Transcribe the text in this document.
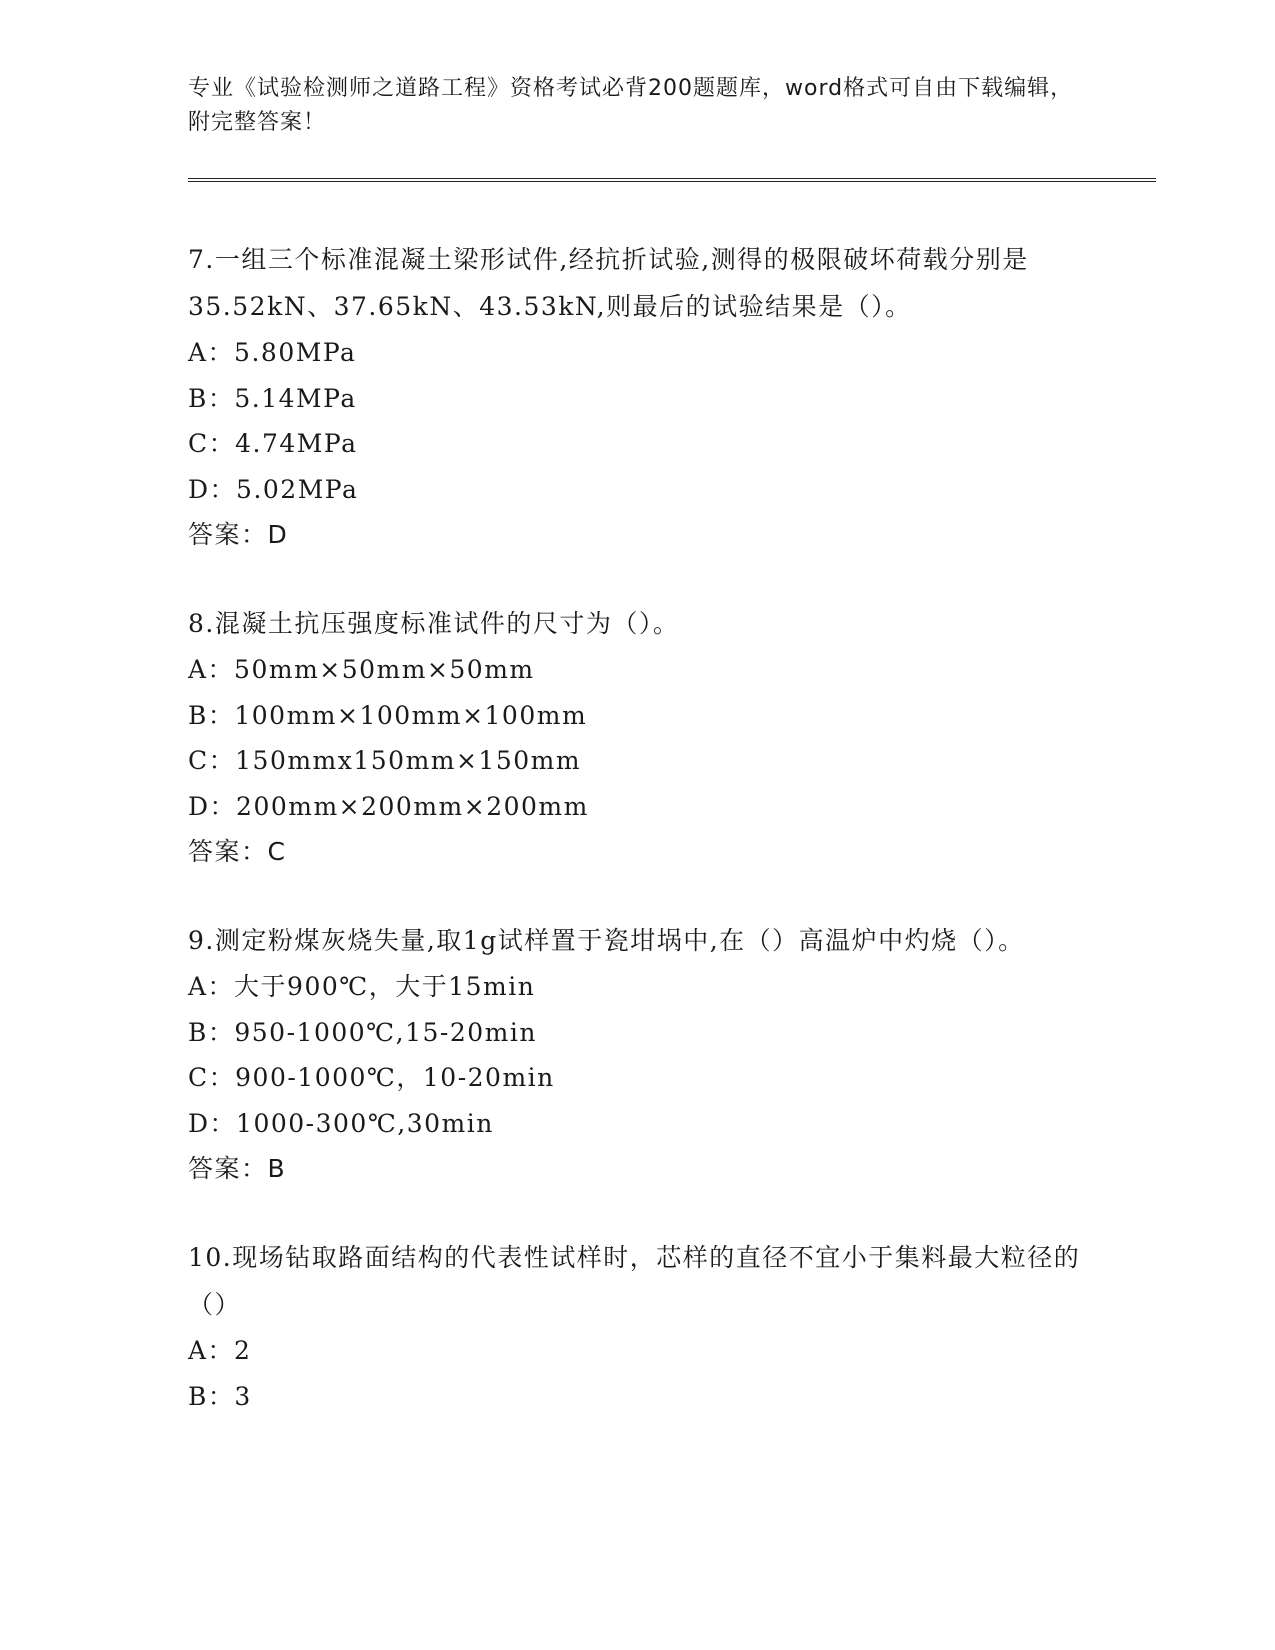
专业《试验检测师之道路工程》资格考试必背200题题库，word格式可自由下载编辑，附完整答案！

7.一组三个标准混凝土梁形试件,经抗折试验,测得的极限破坏荷载分别是35.52kN、37.65kN、43.53kN,则最后的试验结果是（）。

A：5.80MPa

B：5.14MPa

C：4.74MPa

D：5.02MPa

答案：D

8.混凝土抗压强度标准试件的尺寸为（）。

A：50mm×50mm×50mm

B：100mm×100mm×100mm

C：150mmx150mm×150mm

D：200mm×200mm×200mm

答案：C

9.测定粉煤灰烧失量,取1g试样置于瓷坩埚中,在（）高温炉中灼烧（）。

A：大于900℃，大于15min

B：950-1000℃,15-20min

C：900-1000℃，10-20min

D：1000-300℃,30min

答案：B

10.现场钻取路面结构的代表性试样时，芯样的直径不宜小于集料最大粒径的（）

A：2

B：3
